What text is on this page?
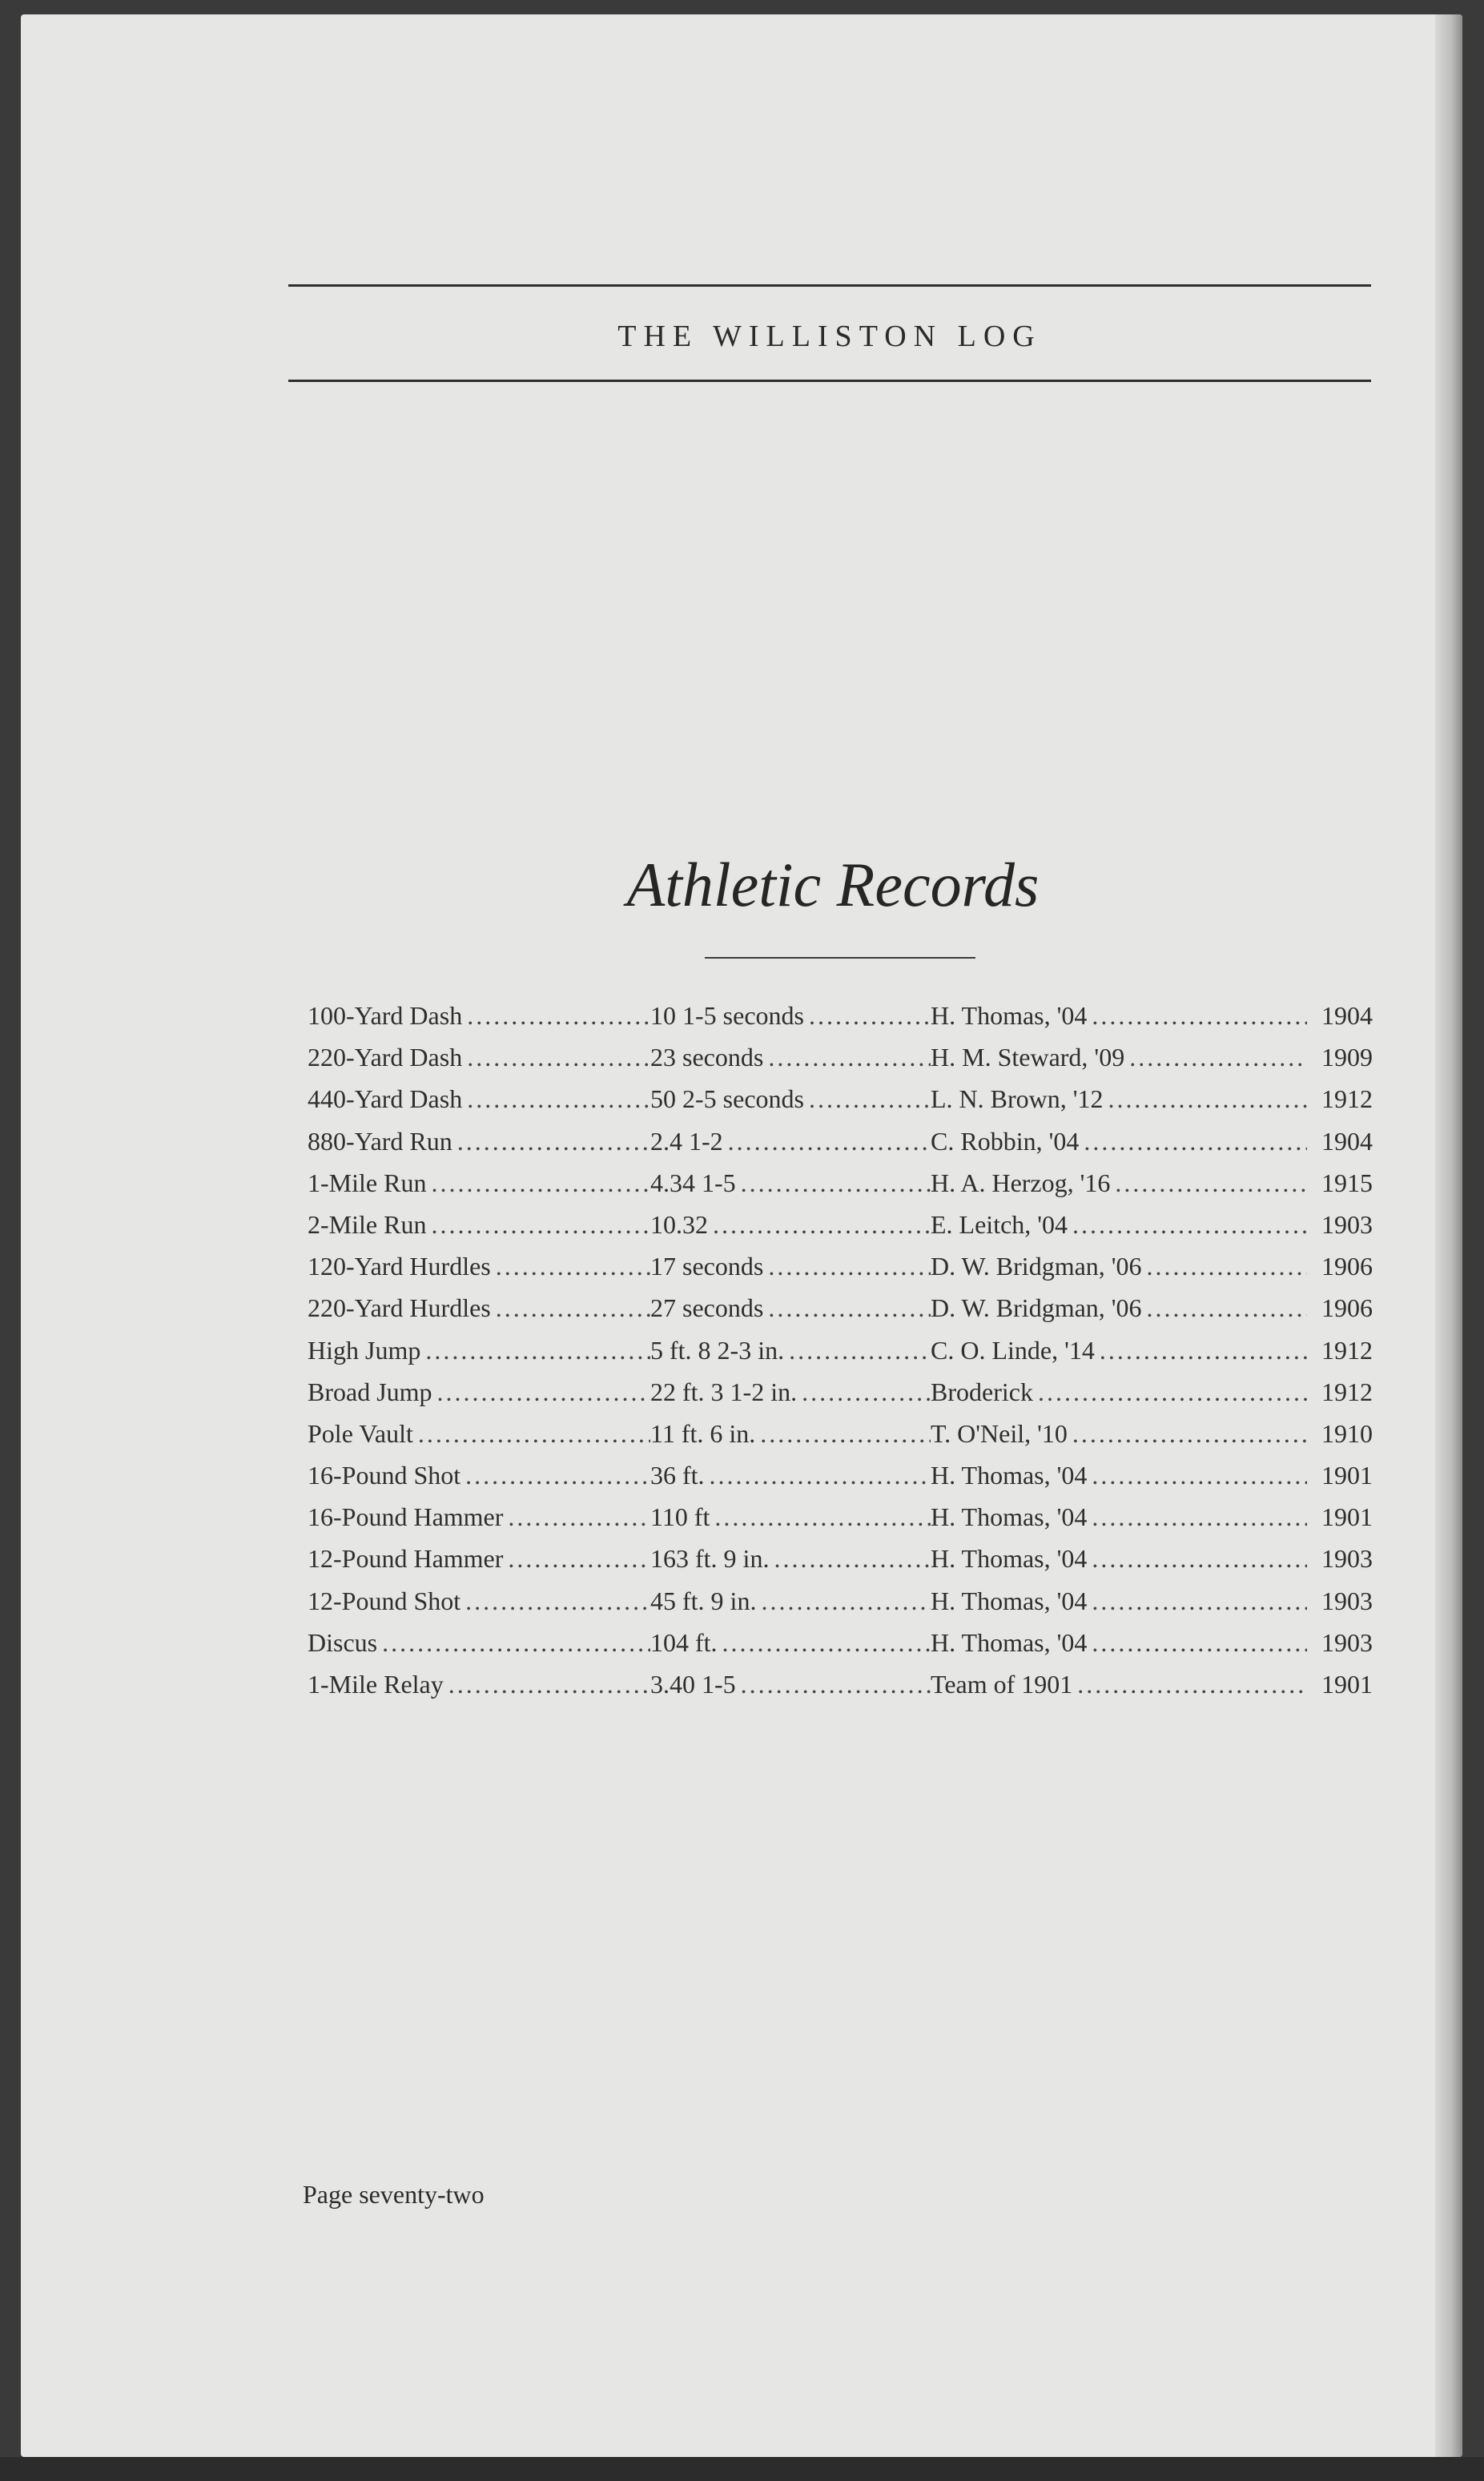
THE WILLISTON LOG
Athletic Records
100-Yard Dash .....	10 1-5 seconds .....	H. Thomas, '04 .....	1904
220-Yard Dash .....	23 seconds .....	H. M. Steward, '09 .....	1909
440-Yard Dash .....	50 2-5 seconds .....	L. N. Brown, '12 .....	1912
880-Yard Run .....	2.4 1-2 .....	C. Robbin, '04 .....	1904
1-Mile Run .....	4.34 1-5 .....	H. A. Herzog, '16 .....	1915
2-Mile Run .....	10.32 .....	E. Leitch, '04 .....	1903
120-Yard Hurdles .....	17 seconds .....	D. W. Bridgman, '06 .....	1906
220-Yard Hurdles .....	27 seconds .....	D. W. Bridgman, '06 .....	1906
High Jump .....	5 ft. 8 2-3 in. .....	C. O. Linde, '14 .....	1912
Broad Jump .....	22 ft. 3 1-2 in. .....	Broderick .....	1912
Pole Vault .....	11 ft. 6 in. .....	T. O'Neil, '10 .....	1910
16-Pound Shot .....	36 ft. .....	H. Thomas, '04 .....	1901
16-Pound Hammer .....	110 ft .....	H. Thomas, '04 .....	1901
12-Pound Hammer .....	163 ft. 9 in. .....	H. Thomas, '04 .....	1903
12-Pound Shot .....	45 ft. 9 in. .....	H. Thomas, '04 .....	1903
Discus .....	104 ft. .....	H. Thomas, '04 .....	1903
1-Mile Relay .....	3.40 1-5 .....	Team of 1901 .....	1901
Page seventy-two
